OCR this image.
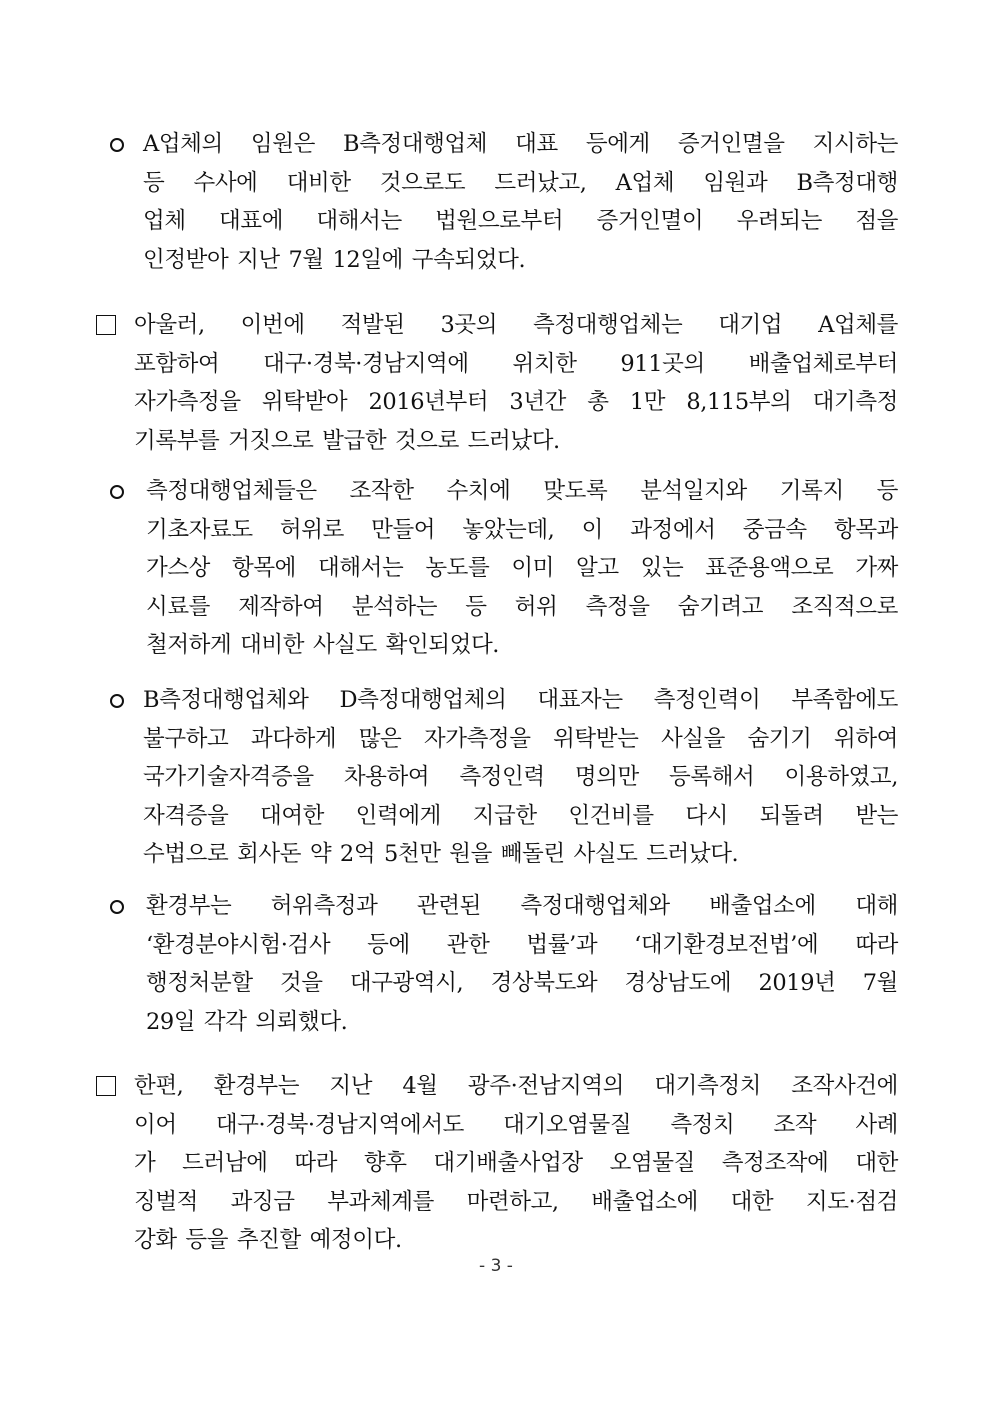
A업체의 임원은 B측정대행업체 대표 등에게 증거인멸을 지시하는
등 수사에 대비한 것으로도 드러났고, A업체 임원과 B측정대행
업체 대표에 대해서는 법원으로부터 증거인멸이 우려되는 점을
인정받아 지난 7월 12일에 구속되었다.
아울러, 이번에 적발된 3곳의 측정대행업체는 대기업 A업체를
포함하여 대구·경북·경남지역에 위치한 911곳의 배출업체로부터
자가측정을 위탁받아 2016년부터 3년간 총 1만 8,115부의 대기측정
기록부를 거짓으로 발급한 것으로 드러났다.
측정대행업체들은 조작한 수치에 맞도록 분석일지와 기록지 등
기초자료도 허위로 만들어 놓았는데, 이 과정에서 중금속 항목과
가스상 항목에 대해서는 농도를 이미 알고 있는 표준용액으로 가짜
시료를 제작하여 분석하는 등 허위 측정을 숨기려고 조직적으로
철저하게 대비한 사실도 확인되었다.
B측정대행업체와 D측정대행업체의 대표자는 측정인력이 부족함에도
불구하고 과다하게 많은 자가측정을 위탁받는 사실을 숨기기 위하여
국가기술자격증을 차용하여 측정인력 명의만 등록해서 이용하였고,
자격증을 대여한 인력에게 지급한 인건비를 다시 되돌려 받는
수법으로 회사돈 약 2억 5천만 원을 빼돌린 사실도 드러났다.
환경부는 허위측정과 관련된 측정대행업체와 배출업소에 대해
‘환경분야시험·검사 등에 관한 법률’과 ‘대기환경보전법’에 따라
행정처분할 것을 대구광역시, 경상북도와 경상남도에 2019년 7월
29일 각각 의뢰했다.
한편, 환경부는 지난 4월 광주·전남지역의 대기측정치 조작사건에
이어 대구·경북·경남지역에서도 대기오염물질 측정치 조작 사례
가 드러남에 따라 향후 대기배출사업장 오염물질 측정조작에 대한
징벌적 과징금 부과체계를 마련하고, 배출업소에 대한 지도·점검
강화 등을 추진할 예정이다.
- 3 -
